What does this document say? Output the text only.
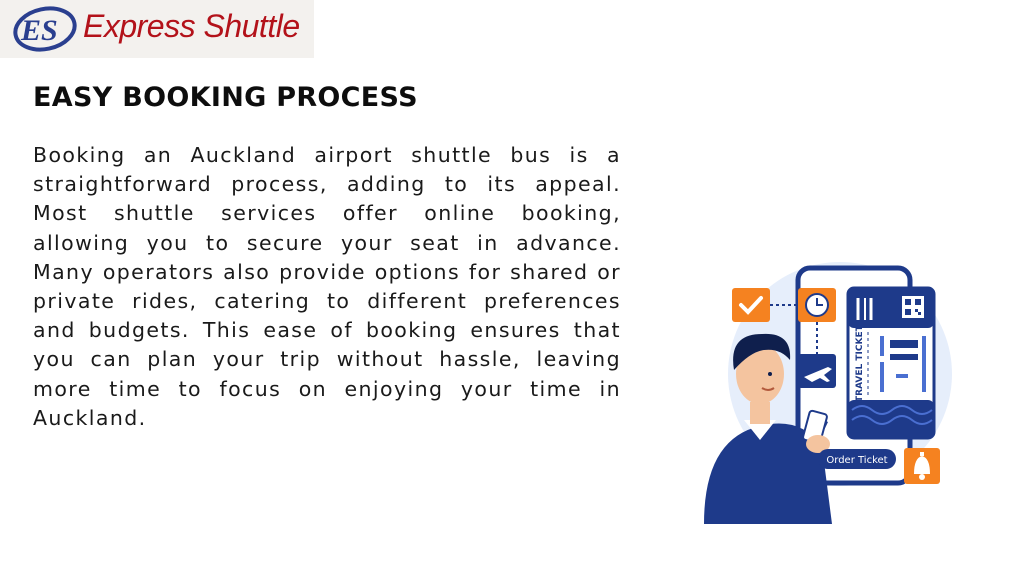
ES Express Shuttle
EASY BOOKING PROCESS

Booking an Auckland airport shuttle bus is a straightforward process, adding to its appeal. Most shuttle services offer online booking, allowing you to secure your seat in advance. Many operators also provide options for shared or private rides, catering to different preferences and budgets. This ease of booking ensures that you can plan your trip without hassle, leaving more time to focus on enjoying your time in Auckland.

TRAVEL TICKET
Order Ticket
